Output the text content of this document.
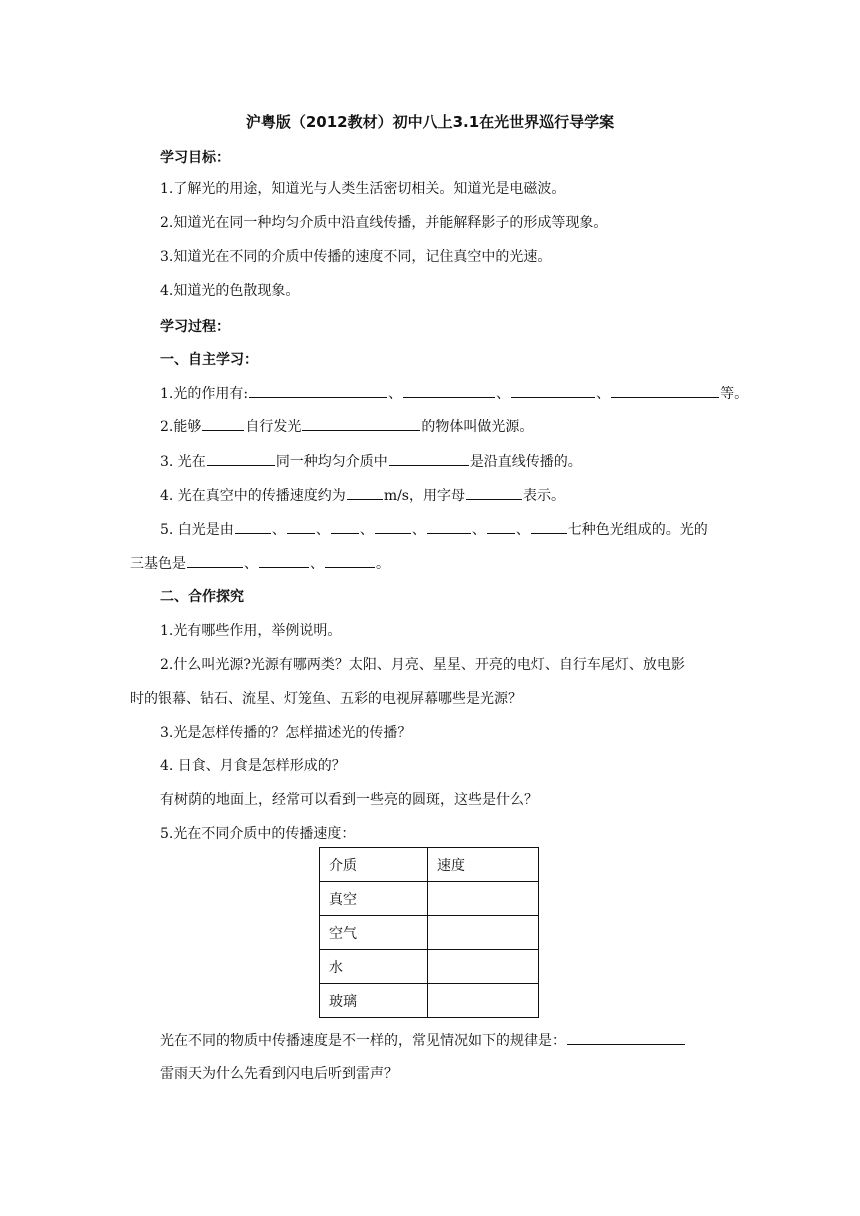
沪粤版（2012教材）初中八上3.1在光世界巡行导学案
学习目标：
1.了解光的用途，知道光与人类生活密切相关。知道光是电磁波。
2.知道光在同一种均匀介质中沿直线传播，并能解释影子的形成等现象。
3.知道光在不同的介质中传播的速度不同，记住真空中的光速。
4.知道光的色散现象。
学习过程：
一、自主学习：
1.光的作用有:	、	、	、	等。
2.能够	自行发光	的物体叫做光源。
3. 光在	同一种均匀介质中	是沿直线传播的。
4. 光在真空中的传播速度约为	m/s，用字母	表示。
5. 白光是由	、 、 、	、	、 、	七种色光组成的。光的
三基色是	、	、	。
二、合作探究
1.光有哪些作用，举例说明。
2.什么叫光源?光源有哪两类？太阳、月亮、星星、开亮的电灯、自行车尾灯、放电影
时的银幕、钻石、流星、灯笼鱼、五彩的电视屏幕哪些是光源？
3.光是怎样传播的？怎样描述光的传播？
4. 日食、月食是怎样形成的？
有树荫的地面上，经常可以看到一些亮的圆斑，这些是什么？
5.光在不同介质中的传播速度：
介质	速度
真空	
空气	
水	
玻璃	
光在不同的物质中传播速度是不一样的，常见情况如下的规律是：
雷雨天为什么先看到闪电后听到雷声？
